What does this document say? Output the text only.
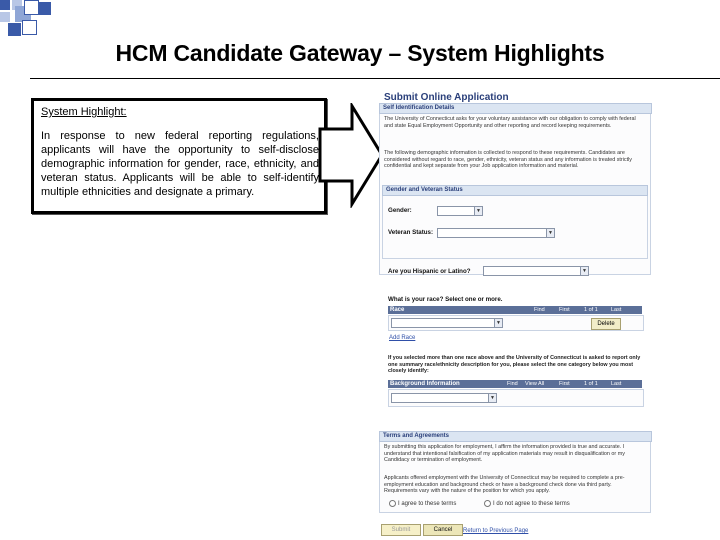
HCM Candidate Gateway – System Highlights
System Highlight:
In response to new federal reporting regulations, applicants will have the opportunity to self-disclose demographic information for gender, race, ethnicity, and veteran status. Applicants will be able to self-identify multiple ethnicities and designate a primary.
Submit Online Application
Self Identification Details
The University of Connecticut asks for your voluntary assistance with our obligation to comply with federal and state Equal Employment Opportunity and other reporting and record keeping requirements.
The following demographic information is collected to respond to these requirements. Candidates are considered without regard to race, gender, ethnicity, veteran status and any information is treated strictly confidential and kept separate from your Job application information and material.
Gender and Veteran Status
Gender:	▼
Veteran Status:	▼
Are you Hispanic or Latino?	▼
What is your race? Select one or more.
Race	Find	First	1 of 1 Last
▼	Delete
Add Race
If you selected more than one race above and the University of Connecticut is asked to report only one summary race/ethnicity description for you, please select the one category below you most closely identify:
Background Information	Find View All	First	1 of 1 Last
▼
Terms and Agreements
By submitting this application for employment, I affirm the information provided is true and accurate. I understand that intentional falsification of my application materials may result in disqualification or my Candidacy or termination of employment.
Applicants offered employment with the University of Connecticut may be required to complete a pre-employment education and background check or have a background check done via third party. Requirements vary with the nature of the position for which you apply.
I agree to these terms	I do not agree to these terms
Submit	Cancel	Return to Previous Page
